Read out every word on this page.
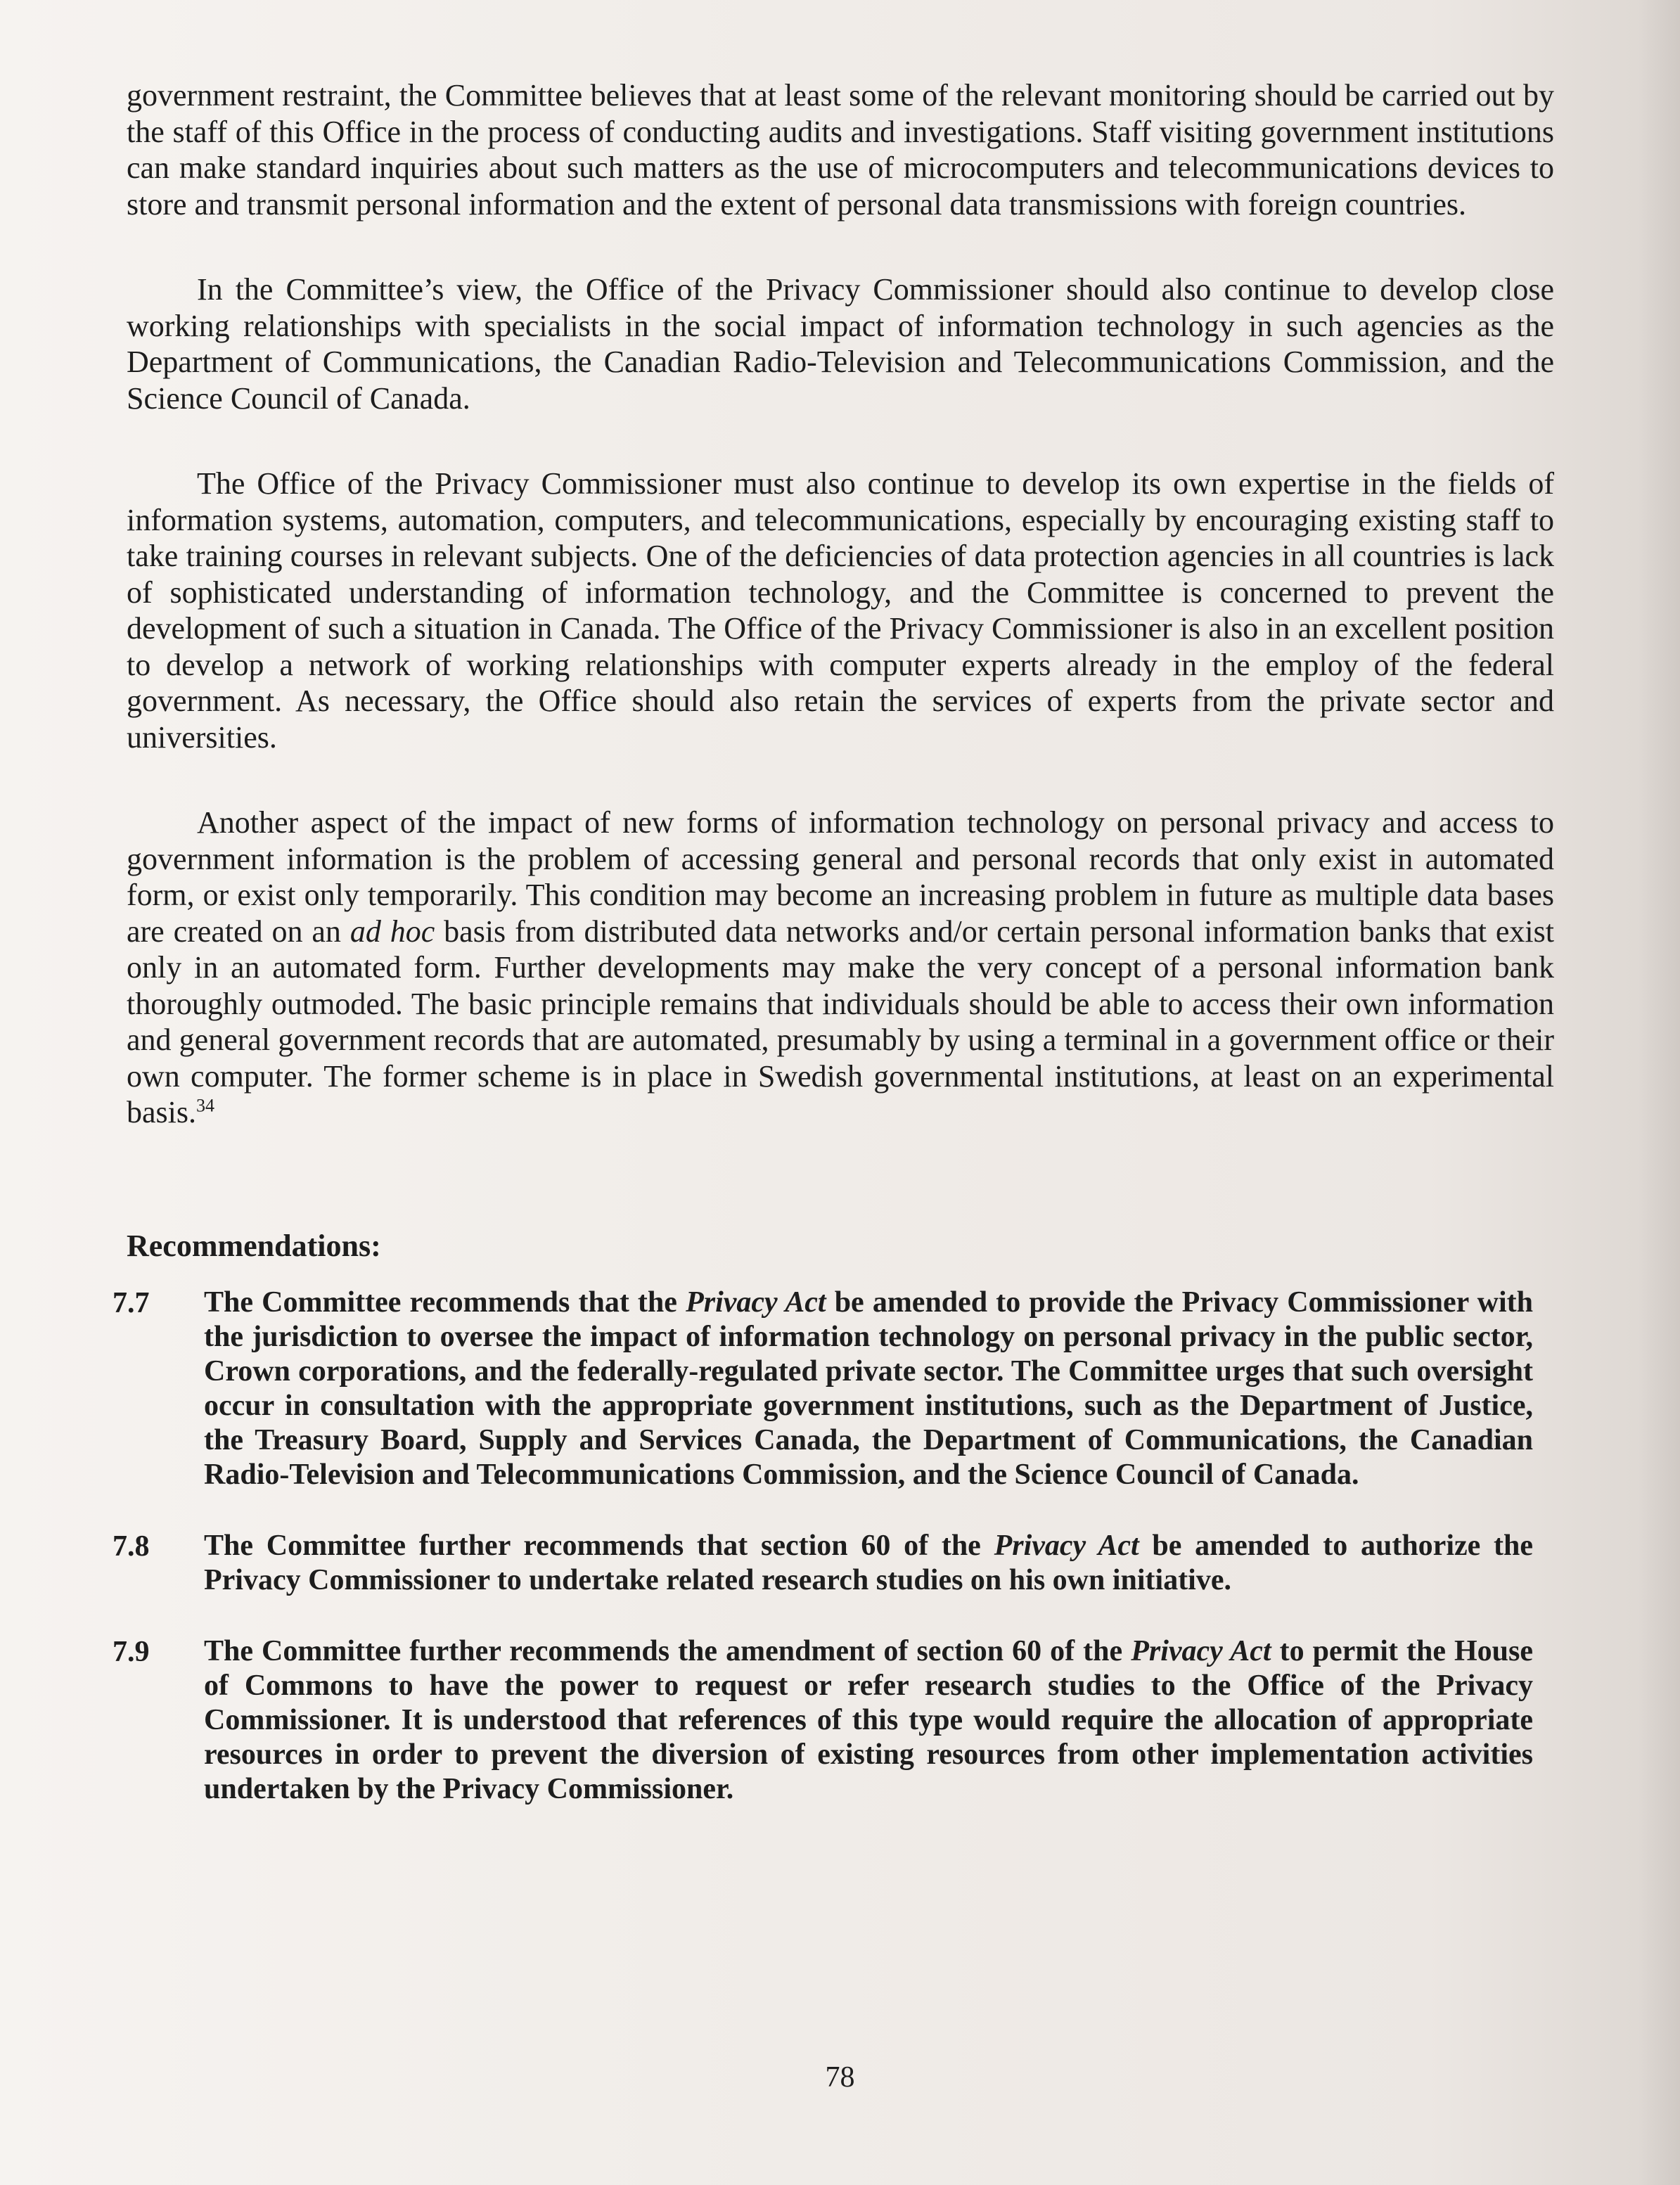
government restraint, the Committee believes that at least some of the relevant monitoring should be carried out by the staff of this Office in the process of conducting audits and investigations. Staff visiting government institutions can make standard inquiries about such matters as the use of microcomputers and telecommunications devices to store and transmit personal information and the extent of personal data transmissions with foreign countries.

In the Committee’s view, the Office of the Privacy Commissioner should also continue to develop close working relationships with specialists in the social impact of information technology in such agencies as the Department of Communications, the Canadian Radio-Television and Telecommunications Commission, and the Science Council of Canada.

The Office of the Privacy Commissioner must also continue to develop its own expertise in the fields of information systems, automation, computers, and telecommunications, especially by encouraging existing staff to take training courses in relevant subjects. One of the deficiencies of data protection agencies in all countries is lack of sophisticated understanding of information technology, and the Committee is concerned to prevent the development of such a situation in Canada. The Office of the Privacy Commissioner is also in an excellent position to develop a network of working relationships with computer experts already in the employ of the federal government. As necessary, the Office should also retain the services of experts from the private sector and universities.

Another aspect of the impact of new forms of information technology on personal privacy and access to government information is the problem of accessing general and personal records that only exist in automated form, or exist only temporarily. This condition may become an increasing problem in future as multiple data bases are created on an ad hoc basis from distributed data networks and/or certain personal information banks that exist only in an automated form. Further developments may make the very concept of a personal information bank thoroughly outmoded. The basic principle remains that individuals should be able to access their own information and general government records that are automated, presumably by using a terminal in a government office or their own computer. The former scheme is in place in Swedish governmental institutions, at least on an experimental basis.$^{34}$

Recommendations:
7.7	The Committee recommends that the Privacy Act be amended to provide the Privacy Commissioner with the jurisdiction to oversee the impact of information technology on personal privacy in the public sector, Crown corporations, and the federally-regulated private sector. The Committee urges that such oversight occur in consultation with the appropriate government institutions, such as the Department of Justice, the Treasury Board, Supply and Services Canada, the Department of Communications, the Canadian Radio-Television and Telecommunications Commission, and the Science Council of Canada.
7.8	The Committee further recommends that section 60 of the Privacy Act be amended to authorize the Privacy Commissioner to undertake related research studies on his own initiative.
7.9	The Committee further recommends the amendment of section 60 of the Privacy Act to permit the House of Commons to have the power to request or refer research studies to the Office of the Privacy Commissioner. It is understood that references of this type would require the allocation of appropriate resources in order to prevent the diversion of existing resources from other implementation activities undertaken by the Privacy Commissioner.
78
